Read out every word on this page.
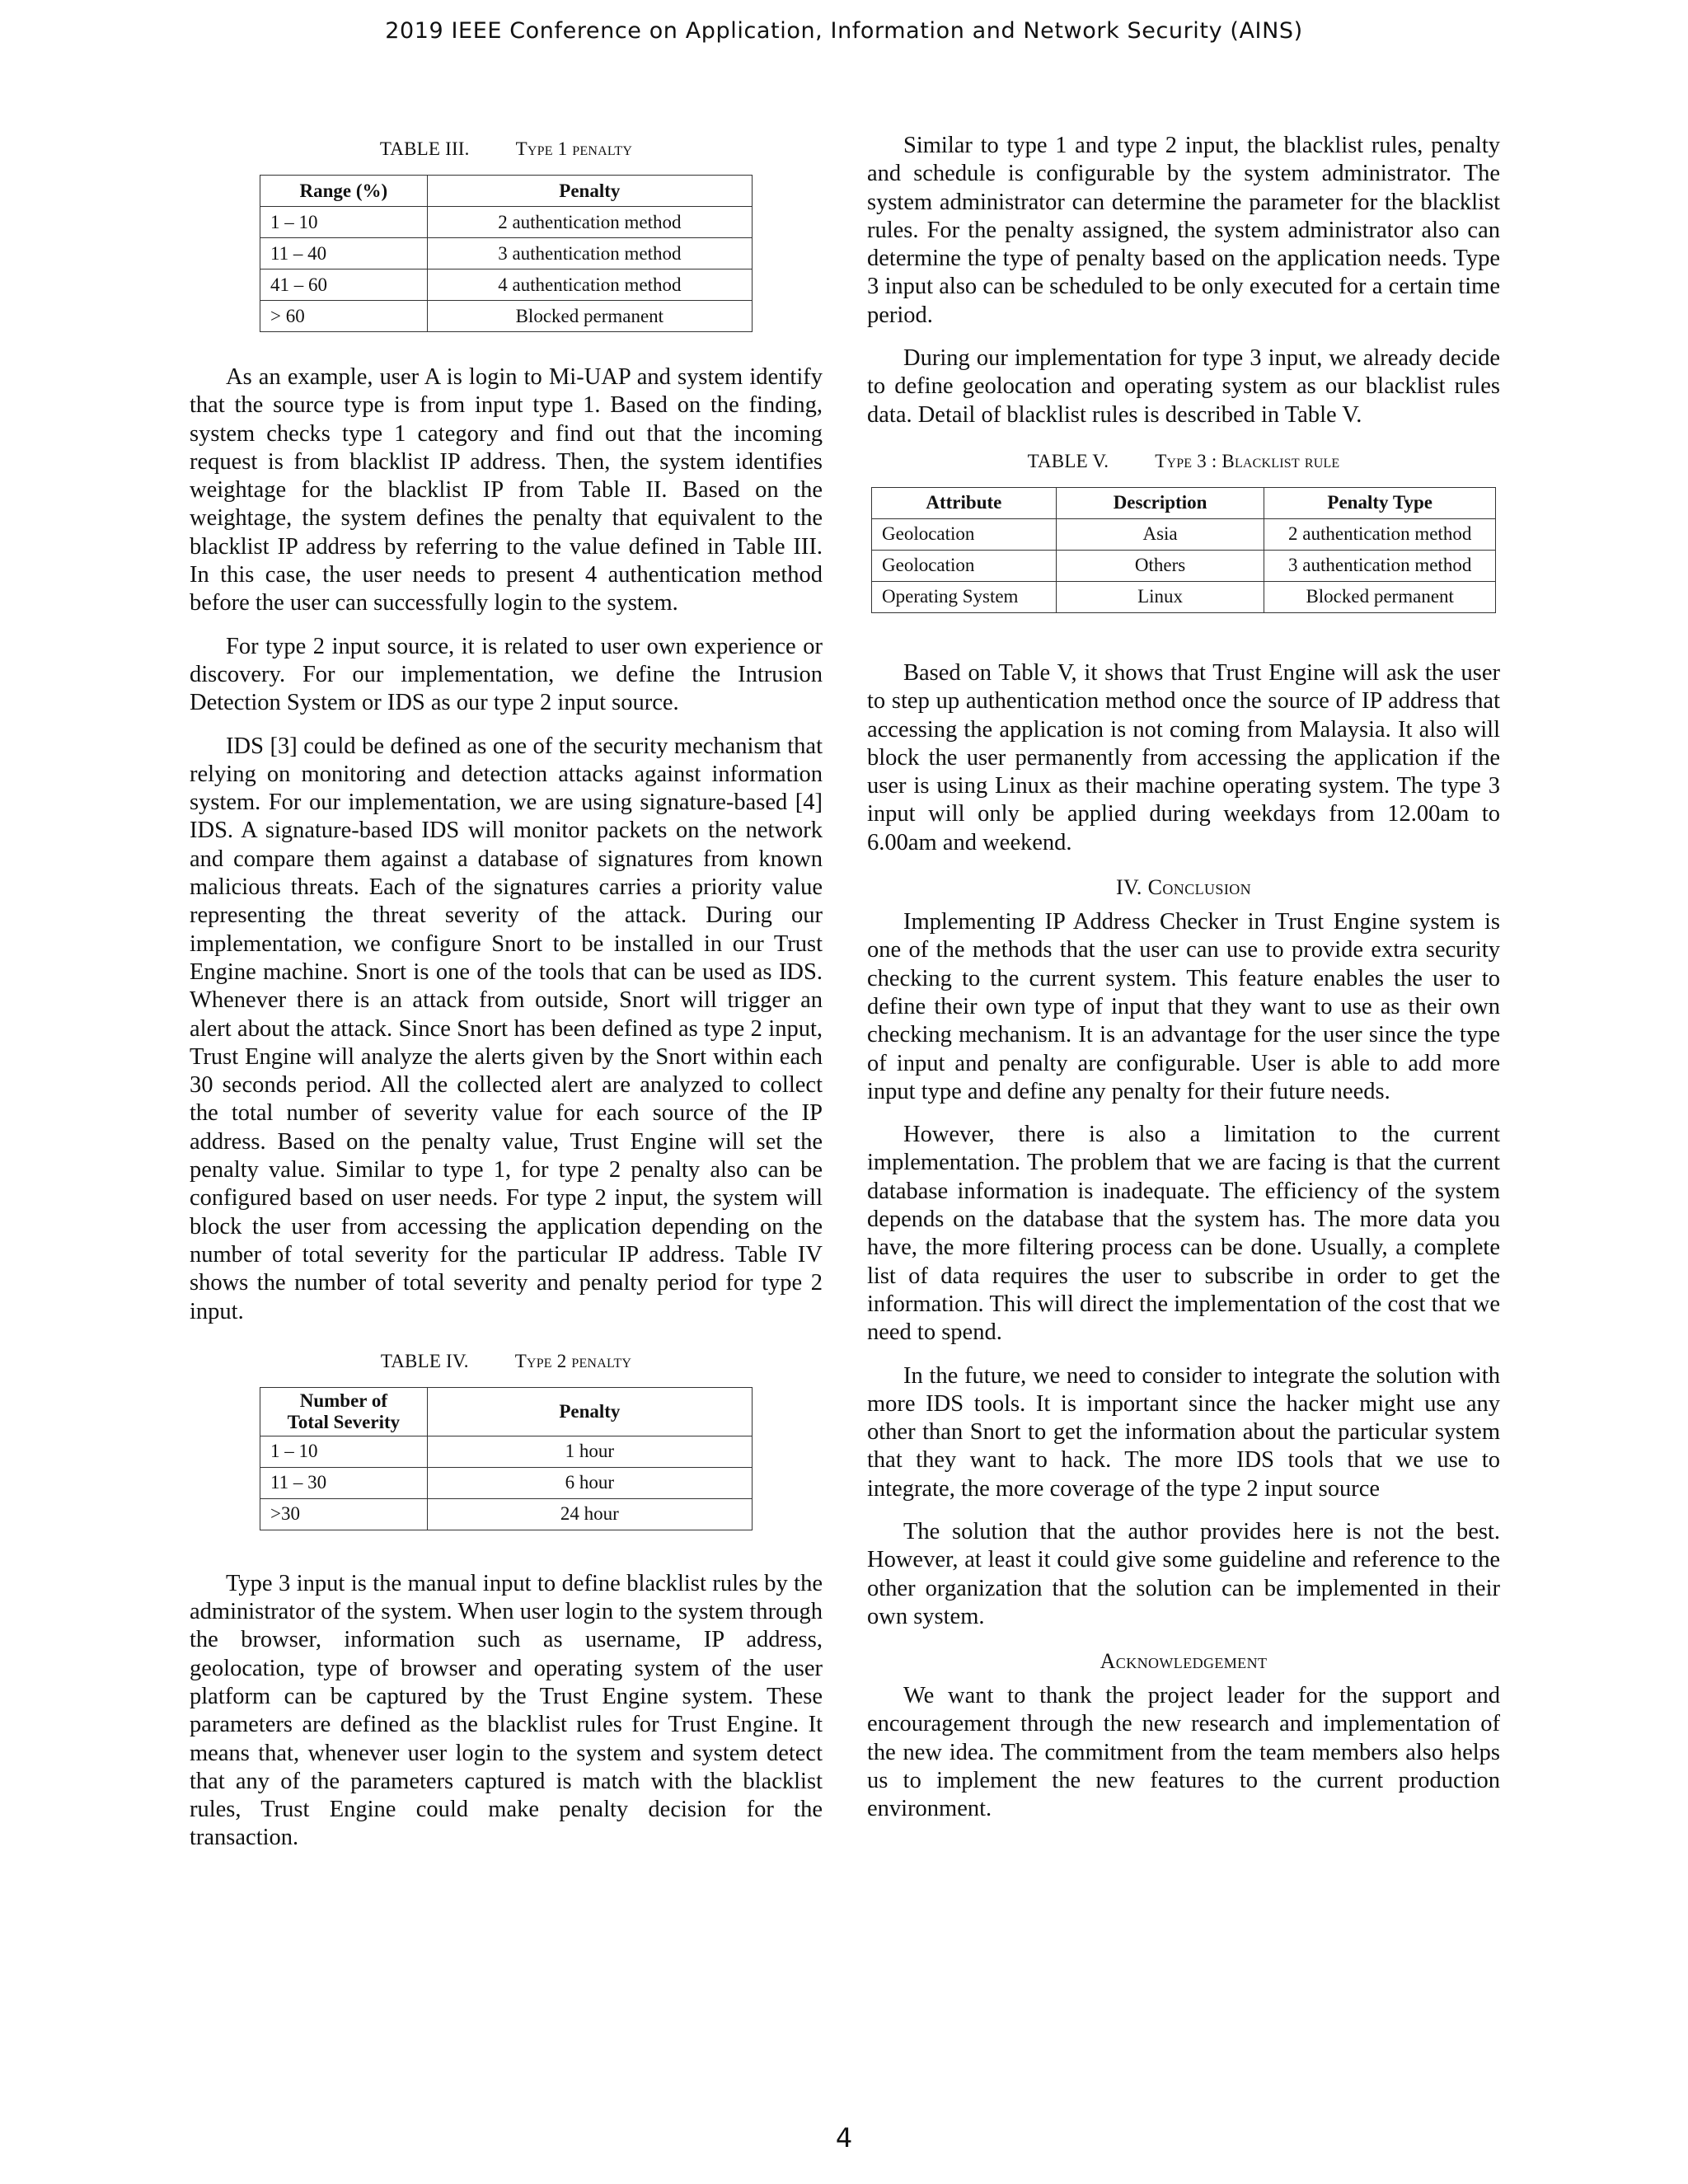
2019 IEEE Conference on Application, Information and Network Security (AINS)
TABLE III. Type 1 penalty
Range (%)	Penalty
1 – 10	2 authentication method
11 – 40	3 authentication method
41 – 60	4 authentication method
> 60	Blocked permanent

As an example, user A is login to Mi-UAP and system identify that the source type is from input type 1. Based on the finding, system checks type 1 category and find out that the incoming request is from blacklist IP address. Then, the system identifies weightage for the blacklist IP from Table II. Based on the weightage, the system defines the penalty that equivalent to the blacklist IP address by referring to the value defined in Table III. In this case, the user needs to present 4 authentication method before the user can successfully login to the system.

For type 2 input source, it is related to user own experience or discovery. For our implementation, we define the Intrusion Detection System or IDS as our type 2 input source.

IDS [3] could be defined as one of the security mechanism that relying on monitoring and detection attacks against information system. For our implementation, we are using signature-based [4] IDS. A signature-based IDS will monitor packets on the network and compare them against a database of signatures from known malicious threats. Each of the signatures carries a priority value representing the threat severity of the attack. During our implementation, we configure Snort to be installed in our Trust Engine machine. Snort is one of the tools that can be used as IDS. Whenever there is an attack from outside, Snort will trigger an alert about the attack. Since Snort has been defined as type 2 input, Trust Engine will analyze the alerts given by the Snort within each 30 seconds period. All the collected alert are analyzed to collect the total number of severity value for each source of the IP address. Based on the penalty value, Trust Engine will set the penalty value. Similar to type 1, for type 2 penalty also can be configured based on user needs. For type 2 input, the system will block the user from accessing the application depending on the number of total severity for the particular IP address. Table IV shows the number of total severity and penalty period for type 2 input.

TABLE IV. Type 2 penalty
Number of
Total Severity	Penalty
1 – 10	1 hour
11 – 30	6 hour
>30	24 hour

Type 3 input is the manual input to define blacklist rules by the administrator of the system. When user login to the system through the browser, information such as username, IP address, geolocation, type of browser and operating system of the user platform can be captured by the Trust Engine system. These parameters are defined as the blacklist rules for Trust Engine. It means that, whenever user login to the system and system detect that any of the parameters captured is match with the blacklist rules, Trust Engine could make penalty decision for the transaction.

Similar to type 1 and type 2 input, the blacklist rules, penalty and schedule is configurable by the system administrator. The system administrator can determine the parameter for the blacklist rules. For the penalty assigned, the system administrator also can determine the type of penalty based on the application needs. Type 3 input also can be scheduled to be only executed for a certain time period.

During our implementation for type 3 input, we already decide to define geolocation and operating system as our blacklist rules data. Detail of blacklist rules is described in Table V.

TABLE V. Type 3 : Blacklist rule
Attribute	Description	Penalty Type
Geolocation	Asia	2 authentication method
Geolocation	Others	3 authentication method
Operating System	Linux	Blocked permanent

Based on Table V, it shows that Trust Engine will ask the user to step up authentication method once the source of IP address that accessing the application is not coming from Malaysia. It also will block the user permanently from accessing the application if the user is using Linux as their machine operating system. The type 3 input will only be applied during weekdays from 12.00am to 6.00am and weekend.

IV. Conclusion

Implementing IP Address Checker in Trust Engine system is one of the methods that the user can use to provide extra security checking to the current system. This feature enables the user to define their own type of input that they want to use as their own checking mechanism. It is an advantage for the user since the type of input and penalty are configurable. User is able to add more input type and define any penalty for their future needs.

However, there is also a limitation to the current implementation. The problem that we are facing is that the current database information is inadequate. The efficiency of the system depends on the database that the system has. The more data you have, the more filtering process can be done. Usually, a complete list of data requires the user to subscribe in order to get the information. This will direct the implementation of the cost that we need to spend.

In the future, we need to consider to integrate the solution with more IDS tools. It is important since the hacker might use any other than Snort to get the information about the particular system that they want to hack. The more IDS tools that we use to integrate, the more coverage of the type 2 input source

The solution that the author provides here is not the best. However, at least it could give some guideline and reference to the other organization that the solution can be implemented in their own system.

Acknowledgement

We want to thank the project leader for the support and encouragement through the new research and implementation of the new idea. The commitment from the team members also helps us to implement the new features to the current production environment.

4
